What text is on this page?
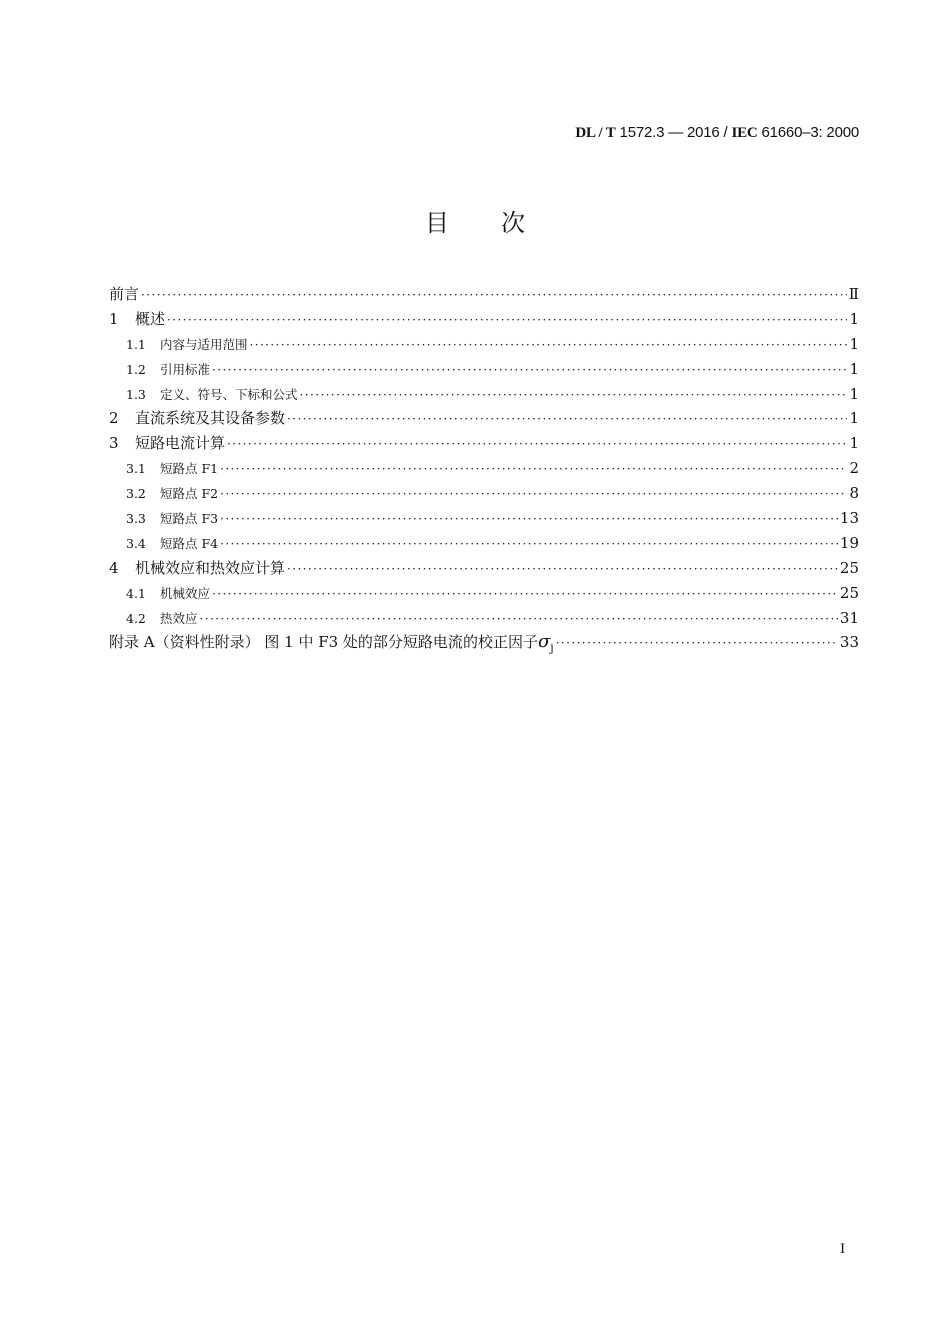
DL / T 1572.3 — 2016 / IEC 61660–3: 2000
目次
前言 ·····	Ⅱ
1	概述 ·····	1
1.1	内容与适用范围 ·····	1
1.2	引用标准 ·····	1
1.3	定义、符号、下标和公式 ·····	1
2	直流系统及其设备参数 ·····	1
3	短路电流计算 ·····	1
3.1	短路点 F1 ·····	2
3.2	短路点 F2 ·····	8
3.3	短路点 F3 ·····	13
3.4	短路点 F4 ·····	19
4	机械效应和热效应计算 ·····	25
4.1	机械效应 ·····	25
4.2	热效应 ·····	31
附录 A（资料性附录） 图 1 中 F3 处的部分短路电流的校正因子$\sigma_j$ ·····	33
I
